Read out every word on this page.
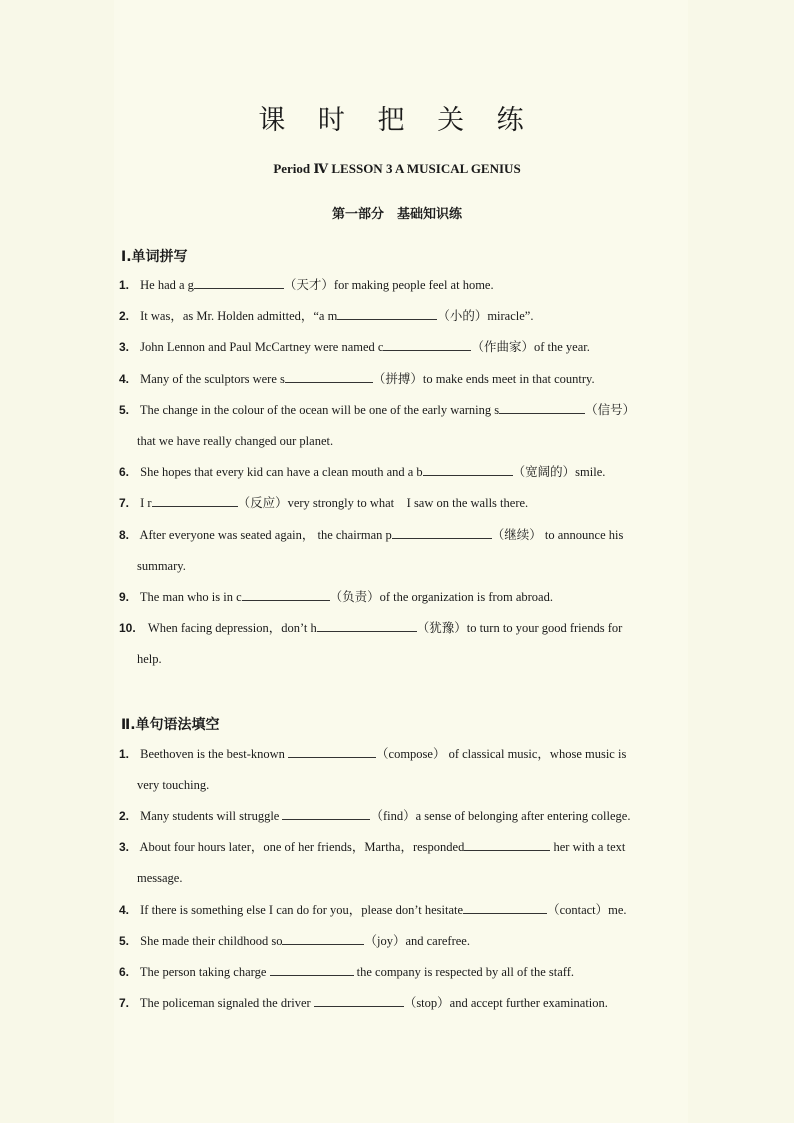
课 时 把 关 练
Period Ⅳ LESSON 3 A MUSICAL GENIUS
第一部分　基础知识练
Ⅰ.单词拼写
1. He had a g	（天才）for making people feel at home.
2. It was，as Mr. Holden admitted，“a m	（小的）miracle”.
3. John Lennon and Paul McCartney were named c	（作曲家）of the year.
4. Many of the sculptors were s	（拼搏）to make ends meet in that country.
5. The change in the colour of the ocean will be one of the early warning s	（信号）
that we have really changed our planet.
6. She hopes that every kid can have a clean mouth and a b	（宽阔的）smile.
7. I r	（反应）very strongly to what　I saw on the walls there.
8. After everyone was seated again， the chairman p	（继续） to announce his
summary.
9. The man who is in c	（负责）of the organization is from abroad.
10. When facing depression，don’t h	（犹豫）to turn to your good friends for
help.
Ⅱ.单句语法填空
1. Beethoven is the best-known	（compose） of classical music，whose music is
very touching.
2. Many students will struggle	（find）a sense of belonging after entering college.
3. About four hours later，one of her friends，Martha，responded	her with a text
message.
4. If there is something else I can do for you，please don’t hesitate	（contact）me.
5. She made their childhood so	（joy）and carefree.
6. The person taking charge	the company is respected by all of the staff.
7. The policeman signaled the driver	（stop）and accept further examination.
